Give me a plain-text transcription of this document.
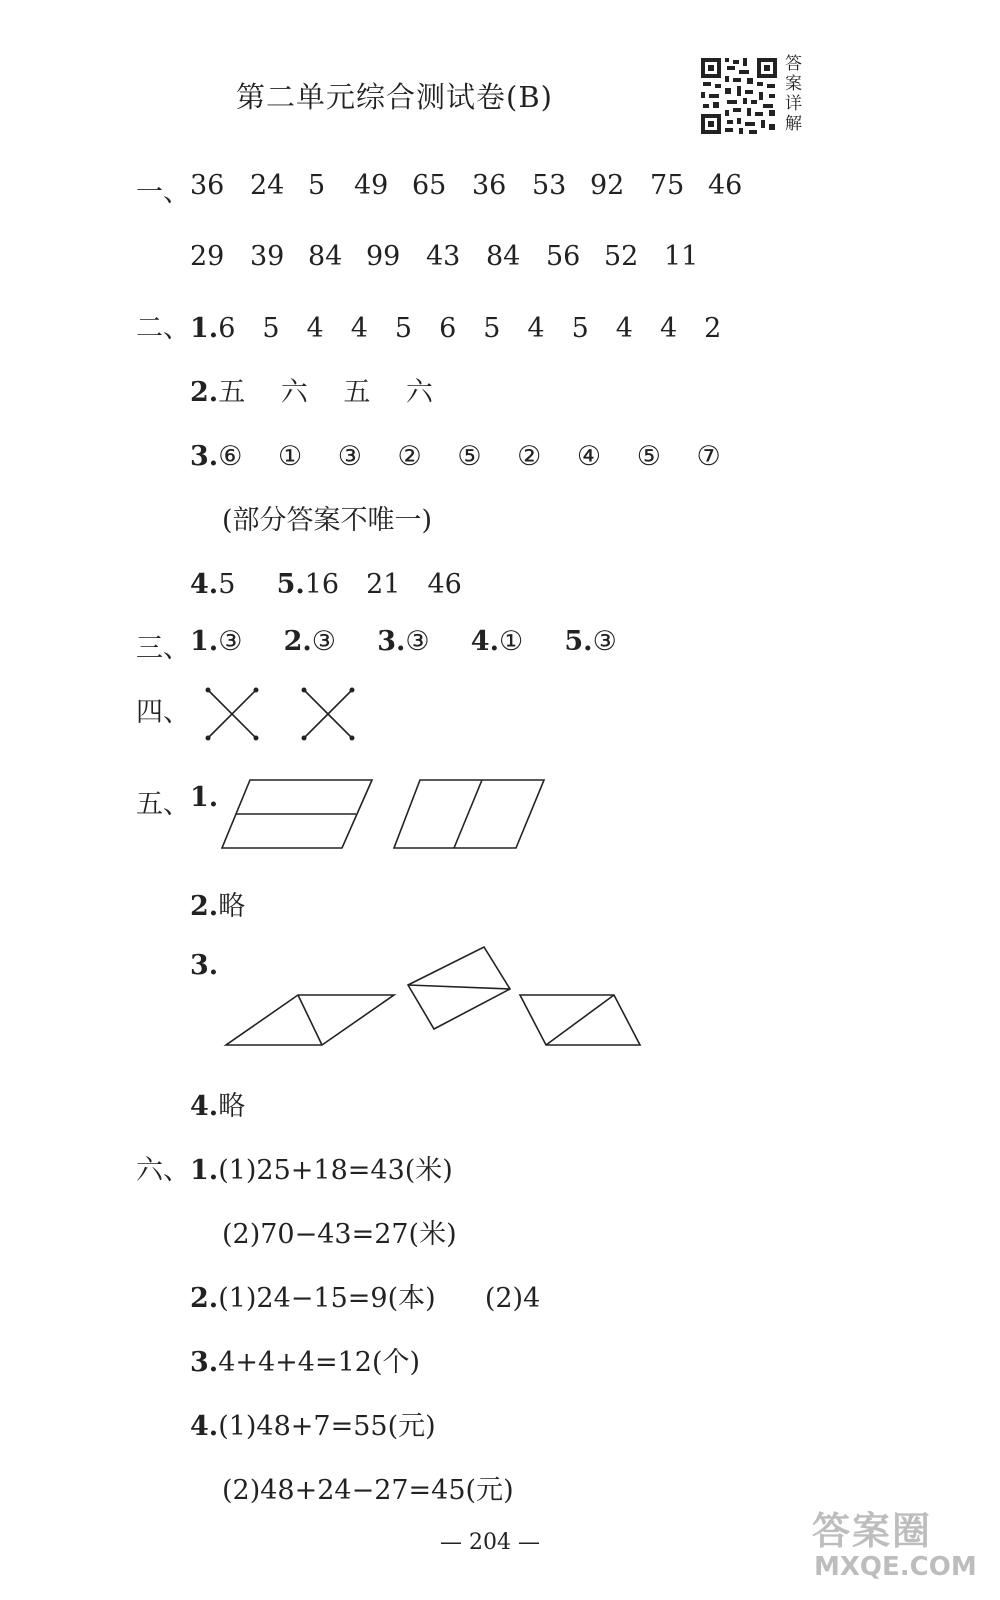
第二单元综合测试卷(B)
答案详解
一、 36 24 5 49 65 36 53 92 75 46
29 39 84 99 43 84 56 52 11
二、 1.6　5　4　4　5　6　5　4　5　4　4　2
2.五　 六　 五　 六
3.⑥　 ①　 ③　 ②　 ⑤　 ②　 ④　 ⑤　 ⑦
(部分答案不唯一)
4.5 5.16　21　46
三、 1.③ 2.③ 3.③ 4.① 5.③
四、
五、 1.
2.略
3.
4.略
六、 1.(1)25+18=43(米)
(2)70−43=27(米)
2.(1)24−15=9(本) (2)4
3.4+4+4=12(个)
4.(1)48+7=55(元)
(2)48+24−27=45(元)
— 204 —	答案圈
MXQE.COM
